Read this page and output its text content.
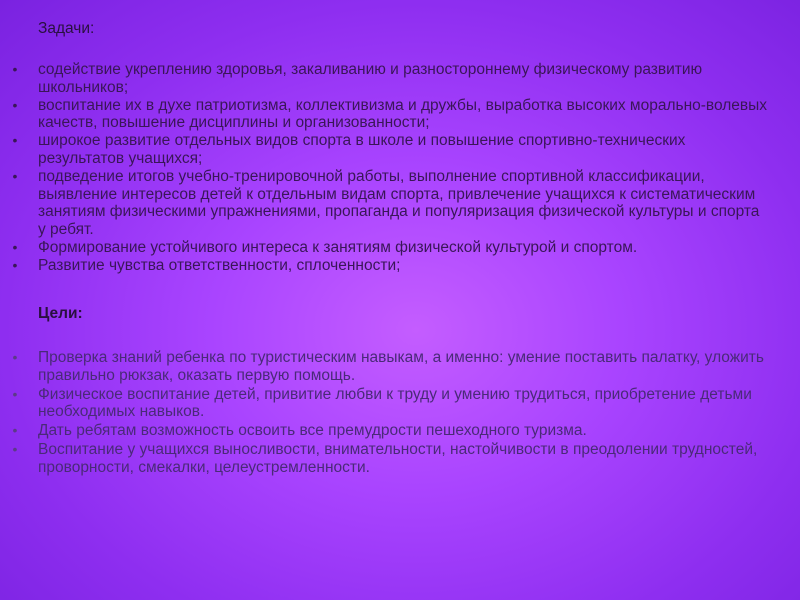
Задачи:
• содействие укреплению здоровья, закаливанию и разностороннему физическому развитию школьников;
• воспитание их в духе патриотизма, коллективизма и дружбы, выработка высоких морально-волевых качеств, повышение дисциплины и организованности;
• широкое развитие отдельных видов спорта в школе и повышение спортивно-технических результатов учащихся;
• подведение итогов учебно-тренировочной работы, выполнение спортивной классификации, выявление интересов детей к отдельным видам спорта, привлечение учащихся к систематическим занятиям физическими упражнениями, пропаганда и популяризация физической культуры и спорта у ребят.
• Формирование устойчивого интереса к занятиям физической культурой и спортом.
• Развитие чувства ответственности, сплоченности;
Цели:
• Проверка знаний ребенка по туристическим навыкам, а именно: умение поставить палатку, уложить правильно рюкзак, оказать первую помощь.
• Физическое воспитание детей, привитие любви к труду и умению трудиться, приобретение детьми необходимых навыков.
• Дать ребятам возможность освоить все премудрости пешеходного туризма.
• Воспитание у учащихся выносливости, внимательности, настойчивости в преодолении трудностей, проворности, смекалки, целеустремленности.
